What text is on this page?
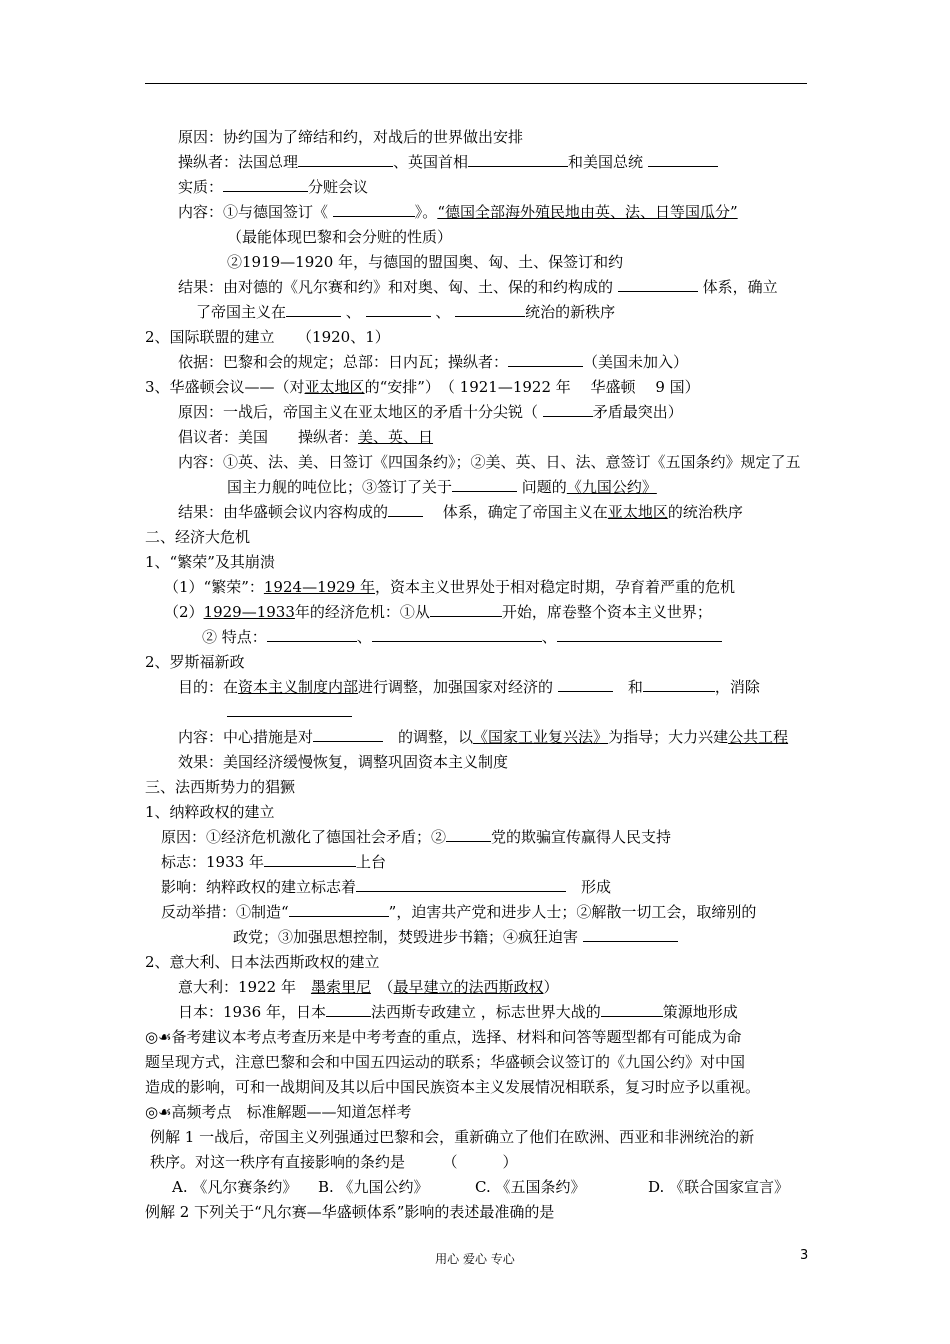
原因：协约国为了缔结和约，对战后的世界做出安排
操纵者：法国总理	、英国首相	和美国总统
实质：	分赃会议
内容：①与德国签订《	》。“德国全部海外殖民地由英、法、日等国瓜分”
（最能体现巴黎和会分赃的性质）
②1919—1920 年，与德国的盟国奥、匈、土、保签订和约
结果：由对德的《凡尔赛和约》和对奥、匈、土、保的和约构成的	体系，确立
了帝国主义在	、	、	统治的新秩序
2、国际联盟的建立　　（1920、1）
依据：巴黎和会的规定；总部：日内瓦；操纵者：	（美国未加入）
3、华盛顿会议——（对亚太地区的“安排”）　（ 1921—1922 年　 华盛顿　 9 国）
原因：一战后，帝国主义在亚太地区的矛盾十分尖锐（	矛盾最突出）
倡议者：美国　　操纵者：美、英、日
内容：①英、法、美、日签订《四国条约》；②美、英、日、法、意签订《五国条约》规定了五
国主力舰的吨位比；③签订了关于	问题的《九国公约》
结果：由华盛顿会议内容构成的　	体系，确定了帝国主义在亚太地区的统治秩序
二、经济大危机
1、“繁荣”及其崩溃
（1）“繁荣”：1924—1929 年，资本主义世界处于相对稳定时期，孕育着严重的危机
（2）1929—1933年的经济危机：①从	开始，席卷整个资本主义世界；
② 特点：	、	、
2、罗斯福新政
目的：在资本主义制度内部进行调整，加强国家对经济的 　	和	，消除
内容：中心措施是对　	的调整，以《国家工业复兴法》为指导；大力兴建公共工程
效果：美国经济缓慢恢复，调整巩固资本主义制度
三、法西斯势力的猖獗
1、纳粹政权的建立
原因：①经济危机激化了德国社会矛盾；②	党的欺骗宣传赢得人民支持
标志：1933 年	上台
影响：纳粹政权的建立标志着　	形成
反动举措：①制造“	”，迫害共产党和进步人士；②解散一切工会，取缔别的
政党；③加强思想控制，焚毁进步书籍；④疯狂迫害
2、意大利、日本法西斯政权的建立
意大利：1922 年　墨索里尼　（最早建立的法西斯政权）
日本：1936 年，日本	法西斯专政建立 ，标志世界大战的	策源地形成
◎☙备考建议本考点考查历来是中考考查的重点，选择、材料和问答等题型都有可能成为命
题呈现方式，注意巴黎和会和中国五四运动的联系；华盛顿会议签订的《九国公约》对中国
造成的影响，可和一战期间及其以后中国民族资本主义发展情况相联系，复习时应予以重视。
◎☙高频考点　标准解题——知道怎样考
例解 1 一战后，帝国主义列强通过巴黎和会，重新确立了他们在欧洲、西亚和非洲统治的新
秩序。对这一秩序有直接影响的条约是　　　（　　　）
A. 《凡尔赛条约》 B. 《九国公约》	C. 《五国条约》	D. 《联合国家宣言》
例解 2 下列关于“凡尔赛—华盛顿体系”影响的表述最准确的是
用心 爱心 专心	3
